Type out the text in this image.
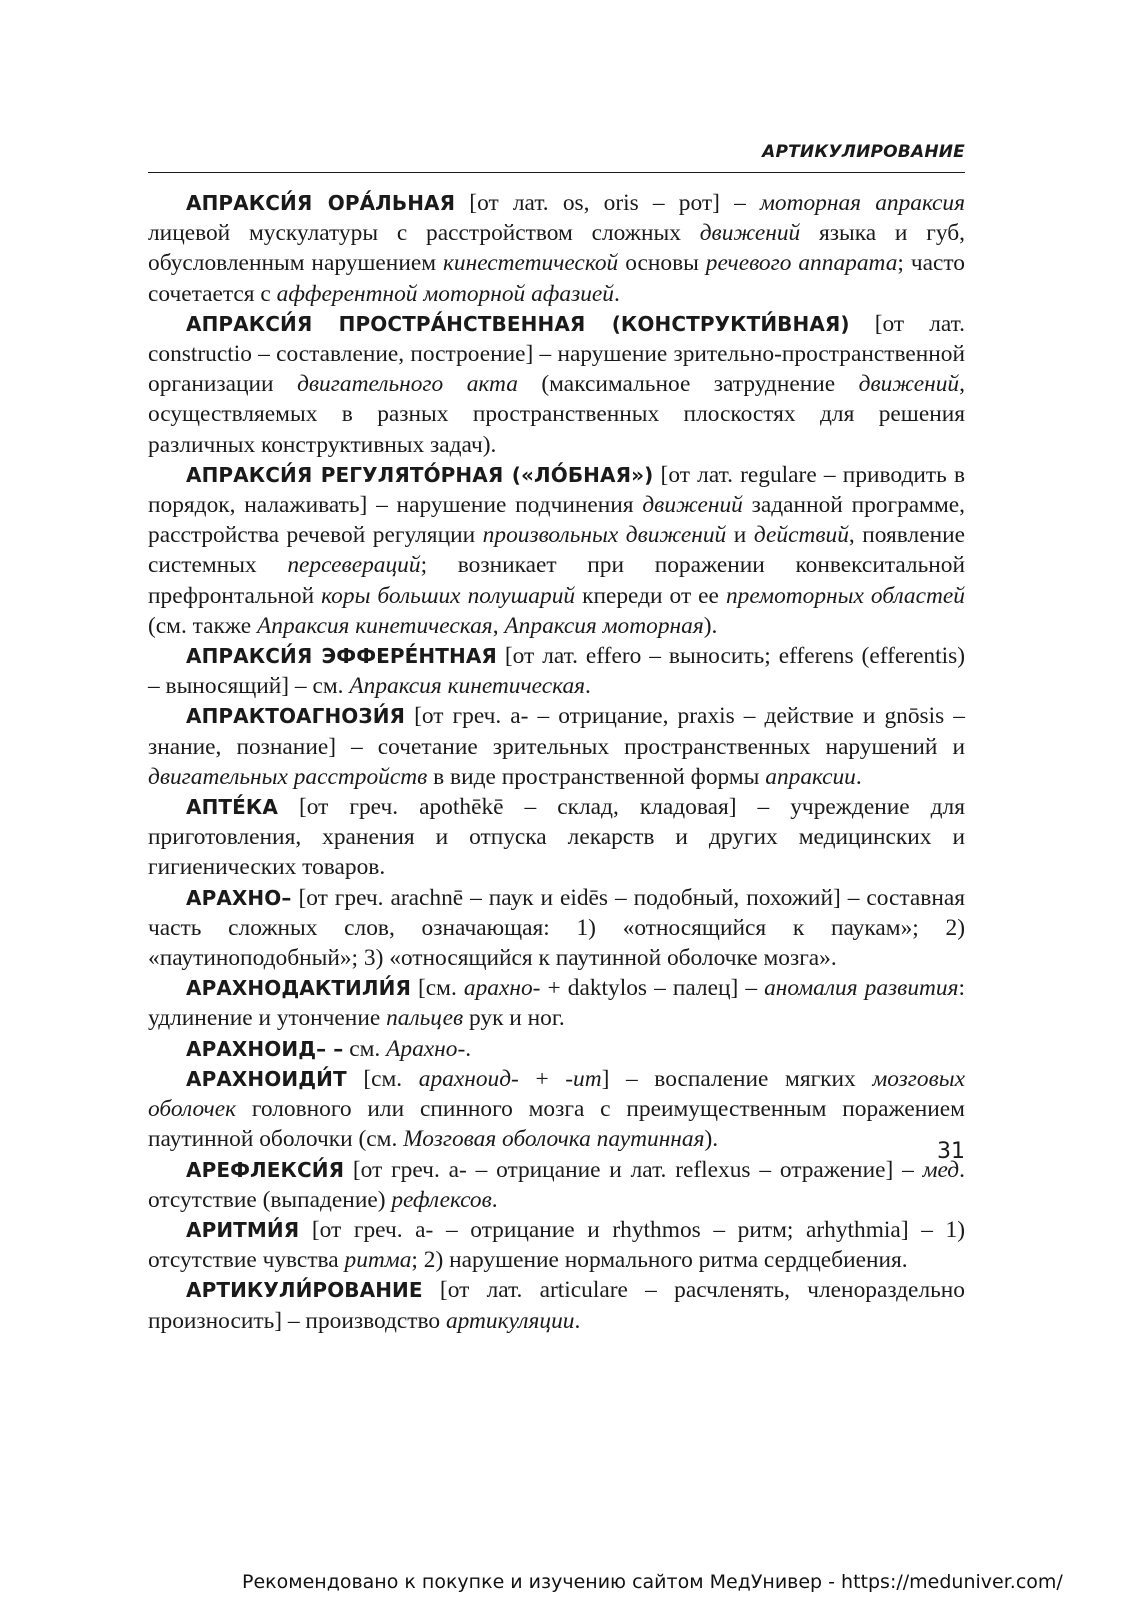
АРТИКУЛИРОВАНИЕ

АПРАКСИ́Я ОРА́ЛЬНАЯ [от лат. os, oris – рот] – моторная апраксия лицевой мускулатуры с расстройством сложных движений языка и губ, обусловленным нарушением кинестетической основы речевого аппарата; часто сочетается с афферентной моторной афазией.

АПРАКСИ́Я ПРОСТРА́НСТВЕННАЯ (КОНСТРУКТИ́ВНАЯ) [от лат. constructio – составление, построение] – нарушение зрительно-пространственной организации двигательного акта (максимальное затруднение движений, осуществляемых в разных пространственных плоскостях для решения различных конструктивных задач).

АПРАКСИ́Я РЕГУЛЯТО́РНАЯ («ЛО́БНАЯ») [от лат. regulare – приводить в порядок, налаживать] – нарушение подчинения движений заданной программе, расстройства речевой регуляции произвольных движений и действий, появление системных персевераций; возникает при поражении конвекситальной префронтальной коры больших полушарий кпереди от ее премоторных областей (см. также Апраксия кинетическая, Апраксия моторная).

АПРАКСИ́Я ЭФФЕРЕ́НТНАЯ [от лат. effero – выносить; efferens (efferentis) – выносящий] – см. Апраксия кинетическая.

АПРАКТОАГНОЗИ́Я [от греч. a- – отрицание, praxis – действие и gnōsis – знание, познание] – сочетание зрительных пространственных нарушений и двигательных расстройств в виде пространственной формы апраксии.

АПТЕ́КА [от греч. apothēkē – склад, кладовая] – учреждение для приготовления, хранения и отпуска лекарств и других медицинских и гигиенических товаров.

АРАХНО– [от греч. arachnē – паук и eidēs – подобный, похожий] – составная часть сложных слов, означающая: 1) «относящийся к паукам»; 2) «паутиноподобный»; 3) «относящийся к паутинной оболочке мозга».

АРАХНОДАКТИЛИ́Я [см. арахно- + daktylos – палец] – аномалия развития: удлинение и утончение пальцев рук и ног.

АРАХНОИД– – см. Арахно-.

АРАХНОИДИ́Т [см. арахноид- + -ит] – воспаление мягких мозговых оболочек головного или спинного мозга с преимущественным поражением паутинной оболочки (см. Мозговая оболочка паутинная).

АРЕФЛЕКСИ́Я [от греч. a- – отрицание и лат. reflexus – отражение] – мед. отсутствие (выпадение) рефлексов.

АРИТМИ́Я [от греч. a- – отрицание и rhythmos – ритм; arhythmia] – 1) отсутствие чувства ритма; 2) нарушение нормального ритма сердцебиения.

АРТИКУЛИ́РОВАНИЕ [от лат. articulare – расчленять, членораздельно произносить] – производство артикуляции.

31
Рекомендовано к покупке и изучению сайтом МедУнивер - https://meduniver.com/
